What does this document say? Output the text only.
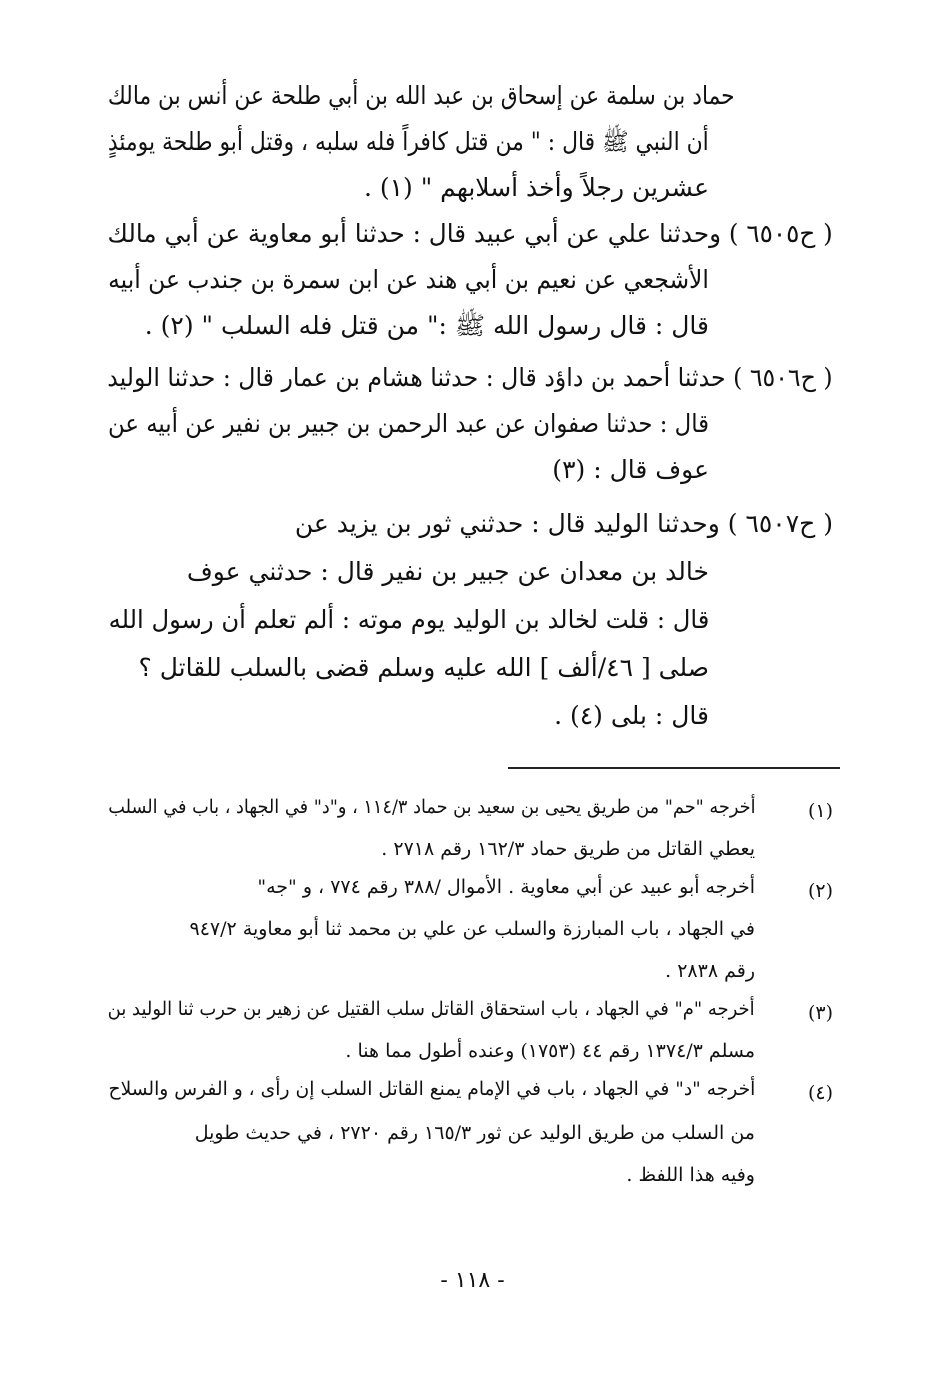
حماد بن سلمة عن إسحاق بن عبد الله بن أبي طلحة عن أنس بن مالك
أن النبي ﷺ قال : " من قتل كافراً فله سلبه ، وقتل أبو طلحة يومئذٍ
عشرين رجلاً وأخذ أسلابهم " (١) .
( ح٦٥٠٥ ) وحدثنا علي عن أبي عبيد قال : حدثنا أبو معاوية عن أبي مالك
الأشجعي عن نعيم بن أبي هند عن ابن سمرة بن جندب عن أبيه
قال : قال رسول الله ﷺ :" من قتل فله السلب " (٢) .
( ح٦٥٠٦ ) حدثنا أحمد بن داؤد قال : حدثنا هشام بن عمار قال : حدثنا الوليد
قال : حدثنا صفوان عن عبد الرحمن بن جبير بن نفير عن أبيه عن
عوف قال : (٣)
( ح٦٥٠٧ ) وحدثنا الوليد قال : حدثني ثور بن يزيد عن
خالد بن معدان عن جبير بن نفير قال : حدثني عوف
قال : قلت لخالد بن الوليد يوم موته : ألم تعلم أن رسول الله
صلى [ ٤٦/ألف ] الله عليه وسلم قضى بالسلب للقاتل ؟
قال : بلى (٤) .
(١)
أخرجه "حم" من طريق يحيى بن سعيد بن حماد ١١٤/٣ ، و"د" في الجهاد ، باب في السلب
يعطي القاتل من طريق حماد ١٦٢/٣ رقم ٢٧١٨ .
(٢)
أخرجه أبو عبيد عن أبي معاوية . الأموال /٣٨٨ رقم ٧٧٤ ، و "جه"
في الجهاد ، باب المبارزة والسلب عن علي بن محمد ثنا أبو معاوية ٩٤٧/٢
رقم ٢٨٣٨ .
(٣)
أخرجه "م" في الجهاد ، باب استحقاق القاتل سلب القتيل عن زهير بن حرب ثنا الوليد بن
مسلم ١٣٧٤/٣ رقم ٤٤ (١٧٥٣) وعنده أطول مما هنا .
(٤)
أخرجه "د" في الجهاد ، باب في الإمام يمنع القاتل السلب إن رأى ، و الفرس والسلاح
من السلب من طريق الوليد عن ثور ١٦٥/٣ رقم ٢٧٢٠ ، في حديث طويل
وفيه هذا اللفظ .
- ١١٨ -
